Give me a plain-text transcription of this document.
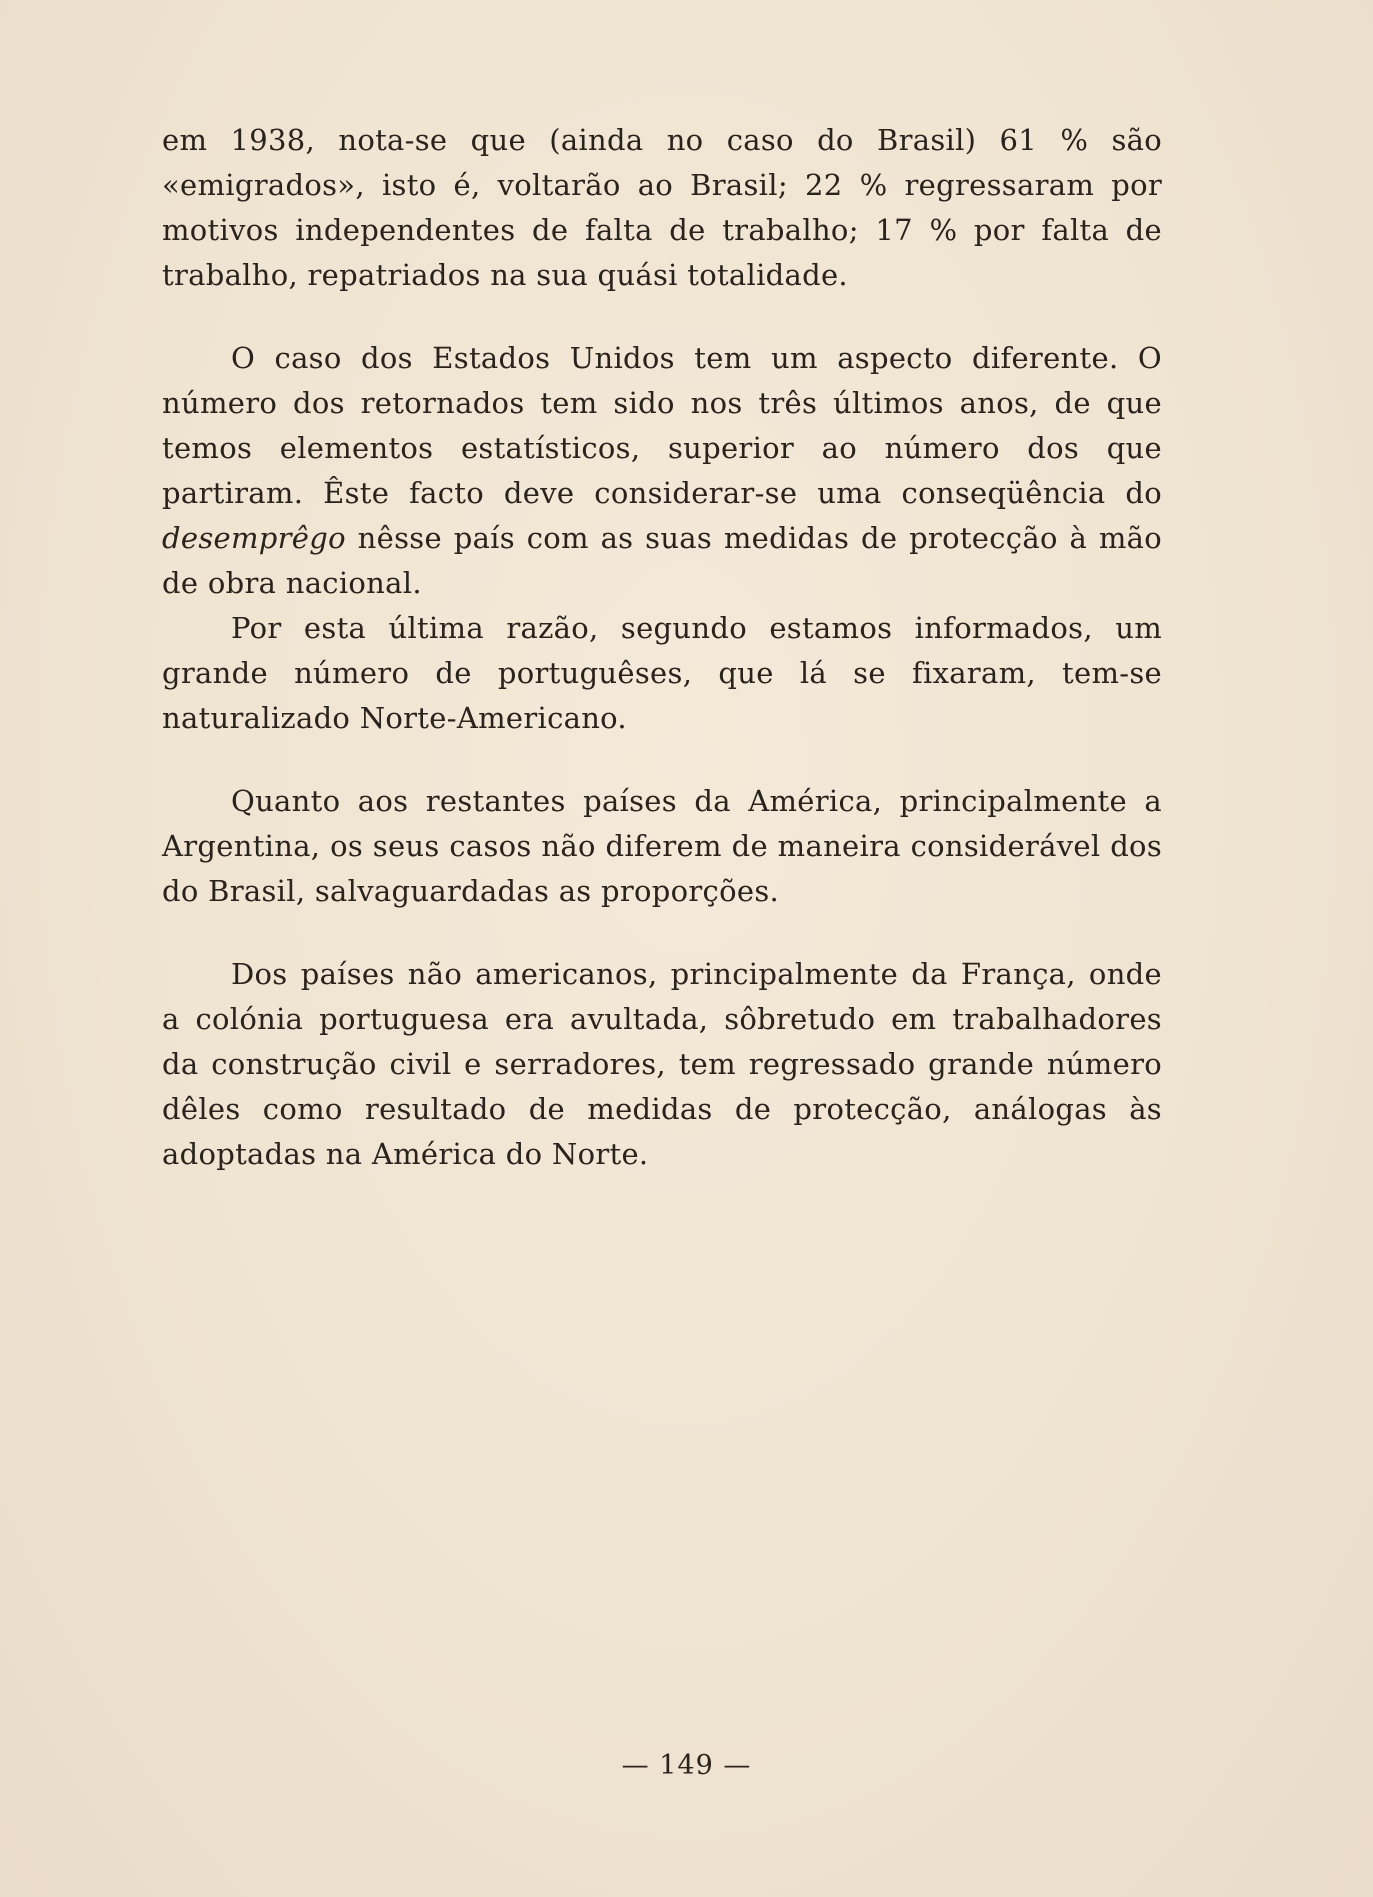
em 1938, nota-se que (ainda no caso do Brasil) 61 % são «emigrados», isto é, voltarão ao Brasil; 22 % regressaram por motivos independentes de falta de trabalho; 17 % por falta de trabalho, repatriados na sua quási totalidade.

O caso dos Estados Unidos tem um aspecto diferente. O número dos retornados tem sido nos três últimos anos, de que temos elementos estatísticos, superior ao número dos que partiram. Êste facto deve considerar-se uma conseqüência do desemprêgo nêsse país com as suas medidas de protecção à mão de obra nacional.

Por esta última razão, segundo estamos informados, um grande número de portuguêses, que lá se fixaram, tem-se naturalizado Norte-Americano.

Quanto aos restantes países da América, principalmente a Argentina, os seus casos não diferem de maneira considerável dos do Brasil, salvaguardadas as proporções.

Dos países não americanos, principalmente da França, onde a colónia portuguesa era avultada, sôbretudo em trabalhadores da construção civil e serradores, tem regressado grande número dêles como resultado de medidas de protecção, análogas às adoptadas na América do Norte.

— 149 —
